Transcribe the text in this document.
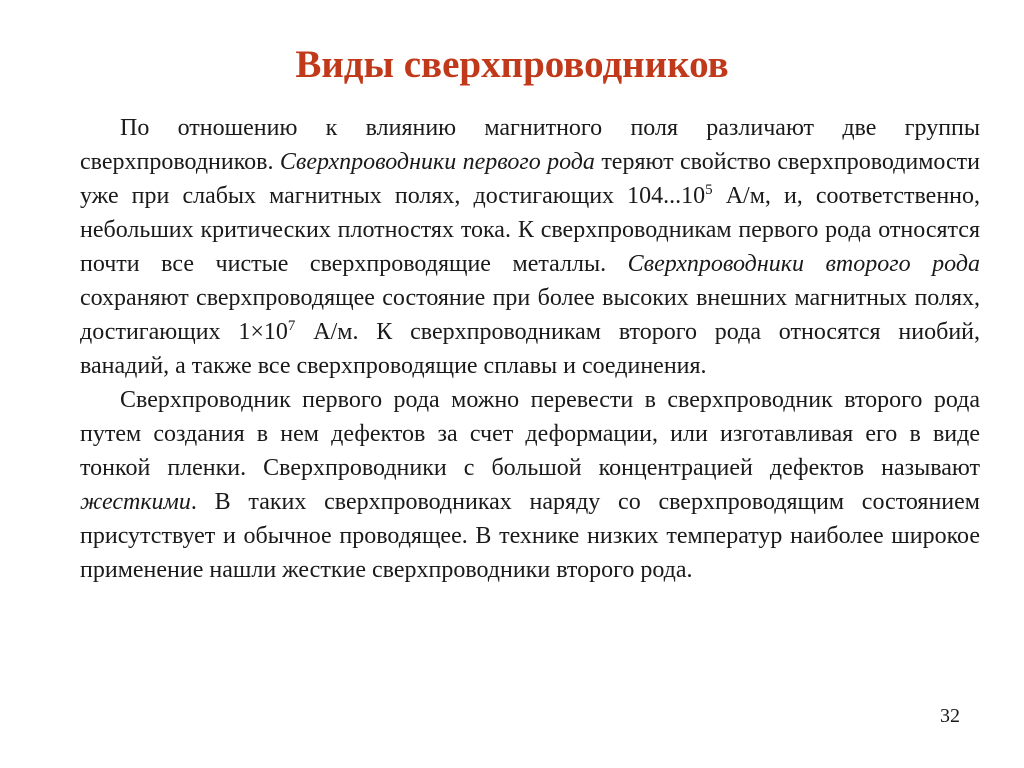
Виды сверхпроводников

По отношению к влиянию магнитного поля различают две группы сверхпроводников. Сверхпроводники первого рода теряют свойство сверхпроводимости уже при слабых магнитных полях, достигающих 104...10$^5$ А/м, и, соответственно, небольших критических плотностях тока. К сверхпроводникам первого рода относятся почти все чистые сверхпроводящие металлы. Сверхпроводники второго рода сохраняют сверхпроводящее состояние при более высоких внешних магнитных полях, достигающих $1\times 10^7$ А/м. К сверхпроводникам второго рода относятся ниобий, ванадий, а также все сверхпроводящие сплавы и соединения.

Сверхпроводник первого рода можно перевести в сверхпроводник второго рода путем создания в нем дефектов за счет деформации, или изготавливая его в виде тонкой пленки. Сверхпроводники с большой концентрацией дефектов называют жесткими. В таких сверхпроводниках наряду со сверхпроводящим состоянием присутствует и обычное проводящее. В технике низких температур наиболее широкое применение нашли жесткие сверхпроводники второго рода.

32
